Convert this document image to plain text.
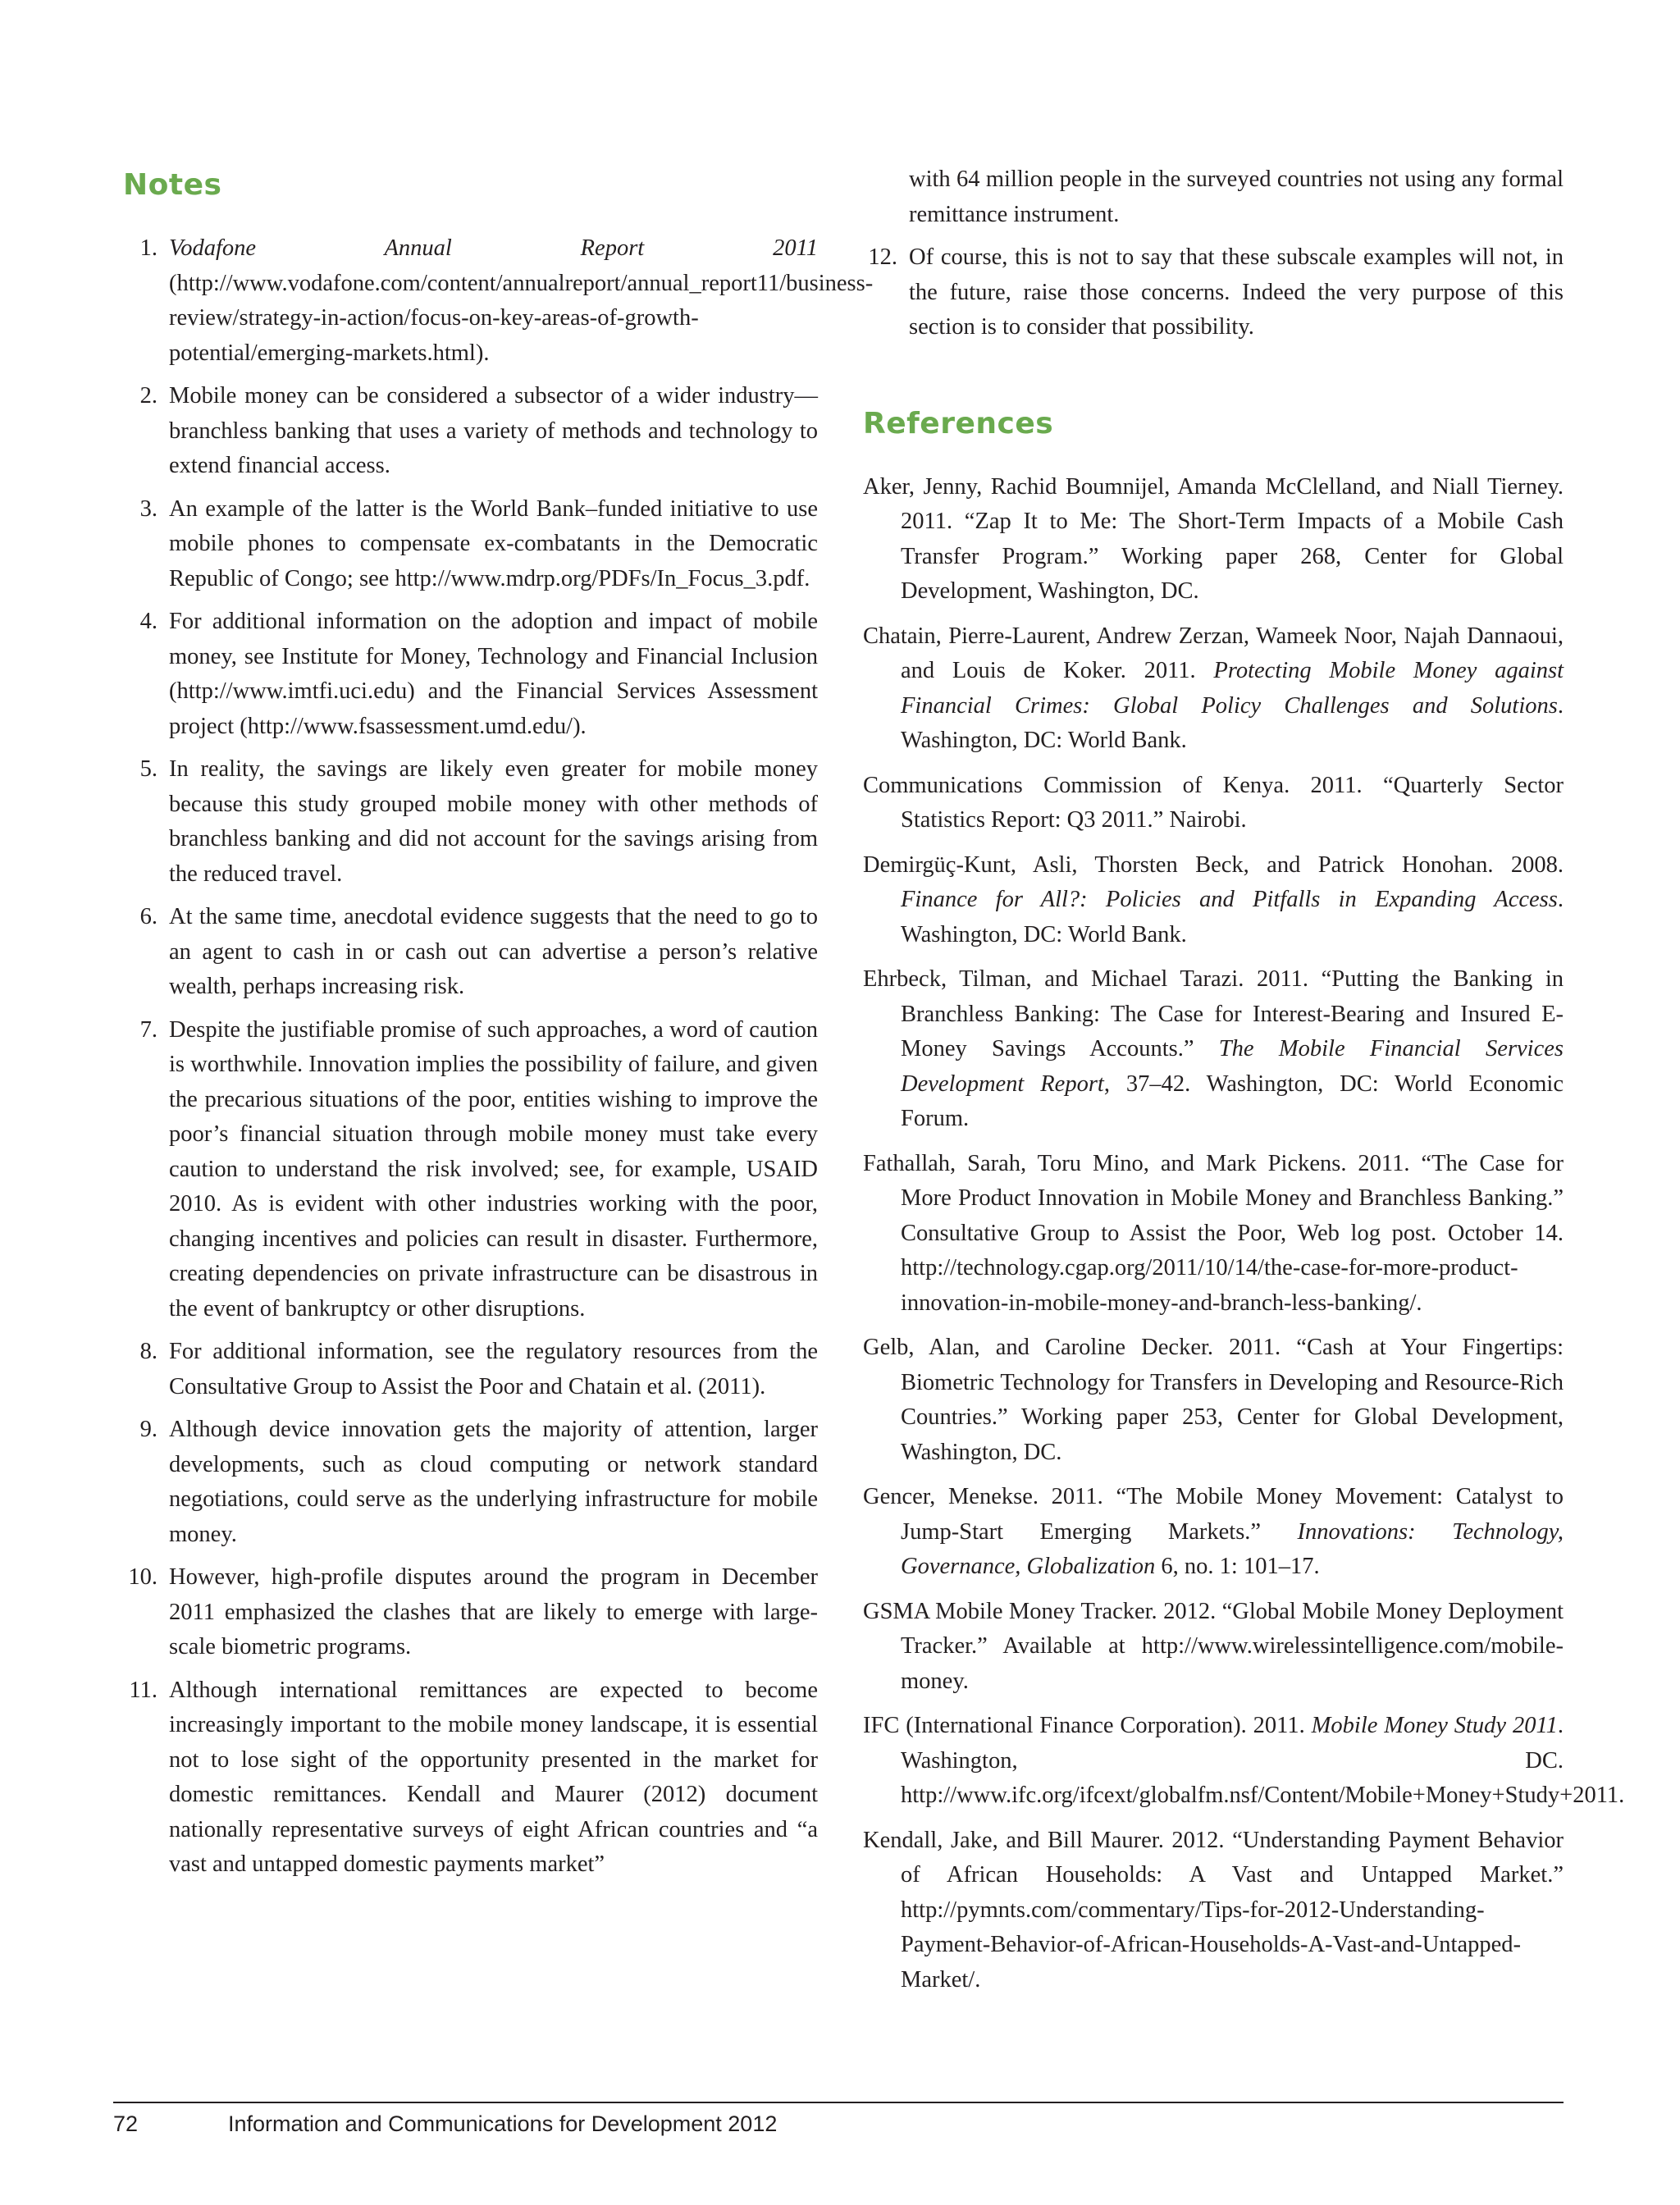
Notes
1. Vodafone Annual Report 2011 (http://www.vodafone.com/content/annualreport/annual_report11/business-review/strategy-in-action/focus-on-key-areas-of-growth-potential/emerging-markets.html).
2. Mobile money can be considered a subsector of a wider industry—branchless banking that uses a variety of methods and technology to extend financial access.
3. An example of the latter is the World Bank–funded initiative to use mobile phones to compensate ex-combatants in the Democratic Republic of Congo; see http://www.mdrp.org/PDFs/In_Focus_3.pdf.
4. For additional information on the adoption and impact of mobile money, see Institute for Money, Technology and Financial Inclusion (http://www.imtfi.uci.edu) and the Financial Services Assessment project (http://www.fsassessment.umd.edu/).
5. In reality, the savings are likely even greater for mobile money because this study grouped mobile money with other methods of branchless banking and did not account for the savings arising from the reduced travel.
6. At the same time, anecdotal evidence suggests that the need to go to an agent to cash in or cash out can advertise a person’s relative wealth, perhaps increasing risk.
7. Despite the justifiable promise of such approaches, a word of caution is worthwhile. Innovation implies the possibility of failure, and given the precarious situations of the poor, entities wishing to improve the poor’s financial situation through mobile money must take every caution to understand the risk involved; see, for example, USAID 2010. As is evident with other industries working with the poor, changing incentives and policies can result in disaster. Furthermore, creating dependencies on private infrastructure can be disastrous in the event of bankruptcy or other disruptions.
8. For additional information, see the regulatory resources from the Consultative Group to Assist the Poor and Chatain et al. (2011).
9. Although device innovation gets the majority of attention, larger developments, such as cloud computing or network standard negotiations, could serve as the underlying infrastructure for mobile money.
10. However, high-profile disputes around the program in December 2011 emphasized the clashes that are likely to emerge with large-scale biometric programs.
11. Although international remittances are expected to become increasingly important to the mobile money landscape, it is essential not to lose sight of the opportunity presented in the market for domestic remittances. Kendall and Maurer (2012) document nationally representative surveys of eight African countries and “a vast and untapped domestic payments market”
with 64 million people in the surveyed countries not using any formal remittance instrument.
12. Of course, this is not to say that these subscale examples will not, in the future, raise those concerns. Indeed the very purpose of this section is to consider that possibility.
References
Aker, Jenny, Rachid Boumnijel, Amanda McClelland, and Niall Tierney. 2011. “Zap It to Me: The Short-Term Impacts of a Mobile Cash Transfer Program.” Working paper 268, Center for Global Development, Washington, DC.
Chatain, Pierre-Laurent, Andrew Zerzan, Wameek Noor, Najah Dannaoui, and Louis de Koker. 2011. Protecting Mobile Money against Financial Crimes: Global Policy Challenges and Solutions. Washington, DC: World Bank.
Communications Commission of Kenya. 2011. “Quarterly Sector Statistics Report: Q3 2011.” Nairobi.
Demirgüç-Kunt, Asli, Thorsten Beck, and Patrick Honohan. 2008. Finance for All?: Policies and Pitfalls in Expanding Access. Washington, DC: World Bank.
Ehrbeck, Tilman, and Michael Tarazi. 2011. “Putting the Banking in Branchless Banking: The Case for Interest-Bearing and Insured E-Money Savings Accounts.” The Mobile Financial Services Development Report, 37–42. Washington, DC: World Economic Forum.
Fathallah, Sarah, Toru Mino, and Mark Pickens. 2011. “The Case for More Product Innovation in Mobile Money and Branchless Banking.” Consultative Group to Assist the Poor, Web log post. October 14. http://technology.cgap.org/2011/10/14/the-case-for-more-product-innovation-in-mobile-money-and-branch-less-banking/.
Gelb, Alan, and Caroline Decker. 2011. “Cash at Your Fingertips: Biometric Technology for Transfers in Developing and Resource-Rich Countries.” Working paper 253, Center for Global Development, Washington, DC.
Gencer, Menekse. 2011. “The Mobile Money Movement: Catalyst to Jump-Start Emerging Markets.” Innovations: Technology, Governance, Globalization 6, no. 1: 101–17.
GSMA Mobile Money Tracker. 2012. “Global Mobile Money Deployment Tracker.” Available at http://www.wirelessintelligence.com/mobile-money.
IFC (International Finance Corporation). 2011. Mobile Money Study 2011. Washington, DC. http://www.ifc.org/ifcext/globalfm.nsf/Content/Mobile+Money+Study+2011.
Kendall, Jake, and Bill Maurer. 2012. “Understanding Payment Behavior of African Households: A Vast and Untapped Market.” http://pymnts.com/commentary/Tips-for-2012-Understanding-Payment-Behavior-of-African-Households-A-Vast-and-Untapped-Market/.
72	Information and Communications for Development 2012
